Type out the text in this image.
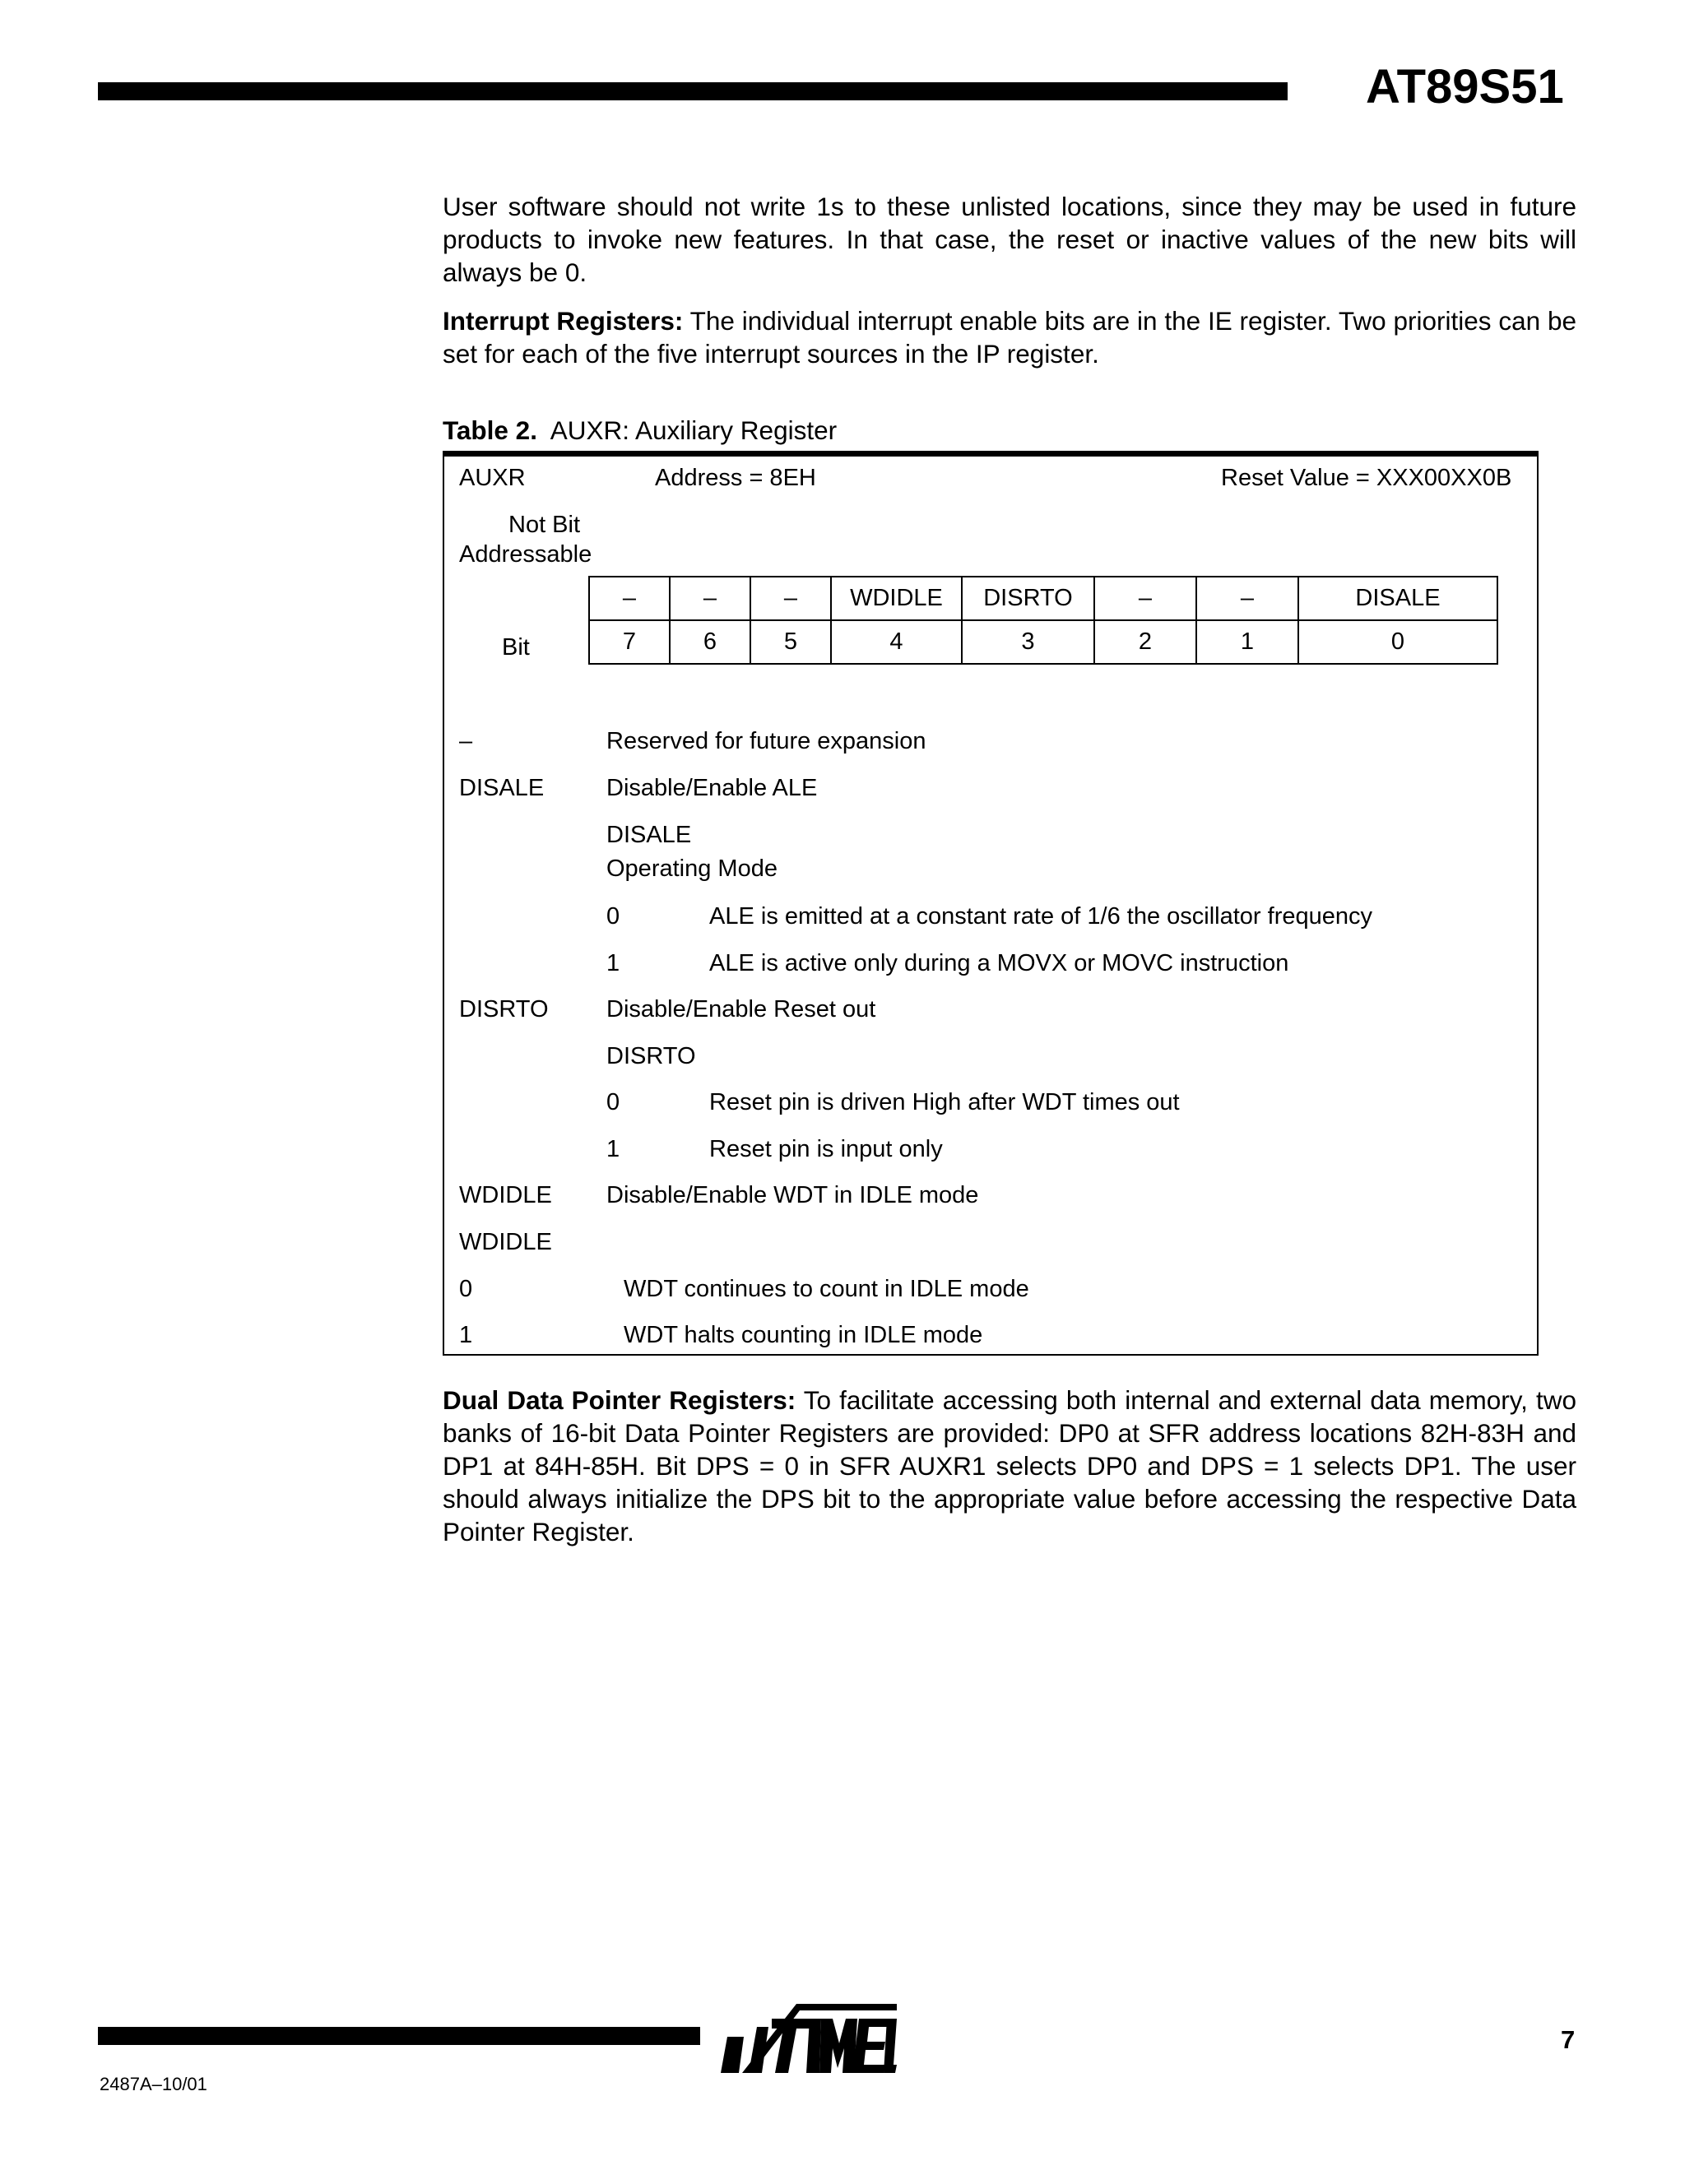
AT89S51

User software should not write 1s to these unlisted locations, since they may be used in future products to invoke new features. In that case, the reset or inactive values of the new bits will always be 0.

Interrupt Registers: The individual interrupt enable bits are in the IE register. Two priorities can be set for each of the five interrupt sources in the IP register.

Table 2. AUXR: Auxiliary Register
AUXR	Address = 8EH	Reset Value = XXX00XX0B
Not Bit
Addressable
Bit
–	–	–	WDIDLE	DISRTO	–	–	DISALE
7	6	5	4	3	2	1	0
–	Reserved for future expansion
DISALE	Disable/Enable ALE
DISALE
Operating Mode
0	ALE is emitted at a constant rate of 1/6 the oscillator frequency
1	ALE is active only during a MOVX or MOVC instruction
DISRTO Disable/Enable Reset out
DISRTO
0	Reset pin is driven High after WDT times out
1	Reset pin is input only
WDIDLE Disable/Enable WDT in IDLE mode
WDIDLE
0	WDT continues to count in IDLE mode
1	WDT halts counting in IDLE mode

Dual Data Pointer Registers: To facilitate accessing both internal and external data memory, two banks of 16-bit Data Pointer Registers are provided: DP0 at SFR address locations 82H-83H and DP1 at 84H-85H. Bit DPS = 0 in SFR AUXR1 selects DP0 and DPS = 1 selects DP1. The user should always initialize the DPS bit to the appropriate value before accessing the respective Data Pointer Register.

7
2487A–10/01
